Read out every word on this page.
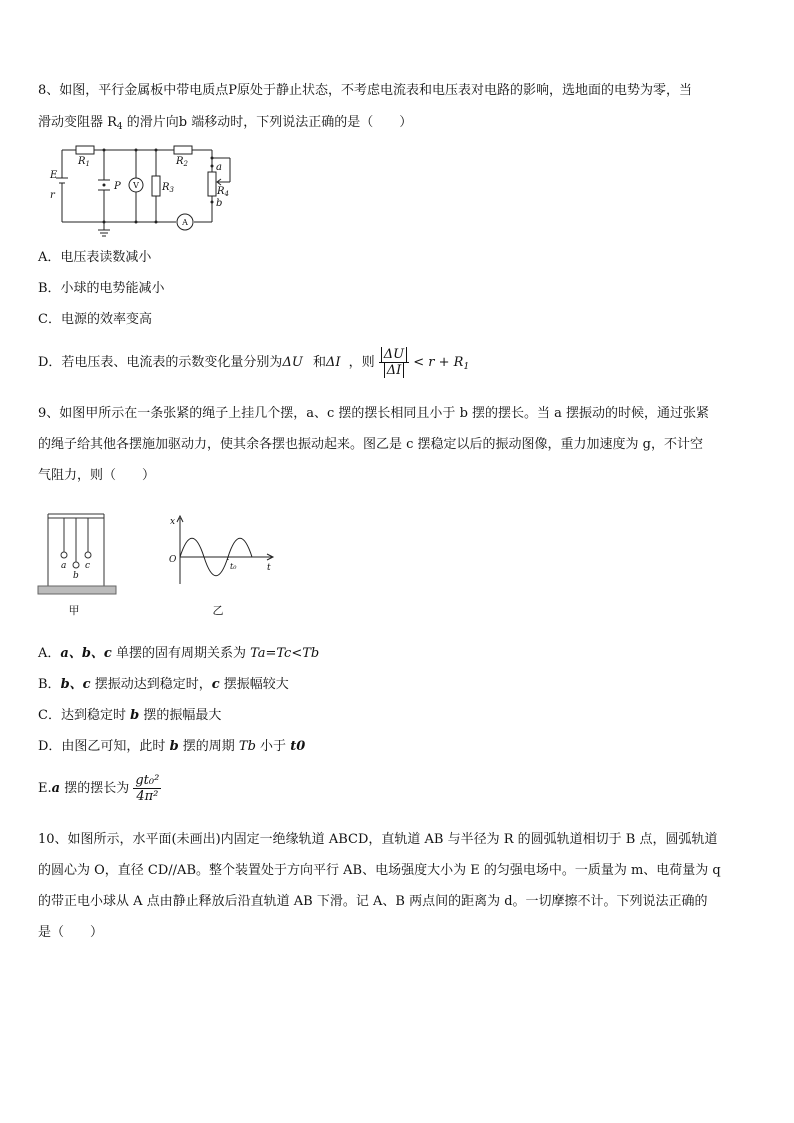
8、如图，平行金属板中带电质点P原处于静止状态，不考虑电流表和电压表对电路的影响，选地面的电势为零，当
滑动变阻器 $R_4$ 的滑片向b 端移动时，下列说法正确的是（　　）
$R_1$	$R_2$
$R_3$	$R_4$
E
r
P
a
b
V
A
A．电压表读数减小
B．小球的电势能减小
C．电源的效率变高
D．若电压表、电流表的示数变化量分别为ΔU 和ΔI ，则 $\frac{\Delta U}{\Delta I} < r + R_1$
9、如图甲所示在一条张紧的绳子上挂几个摆，a、c 摆的摆长相同且小于 b 摆的摆长。当 a 摆振动的时候，通过张紧
的绳子给其他各摆施加驱动力，使其余各摆也振动起来。图乙是 c 摆稳定以后的振动图像，重力加速度为 g，不计空
气阻力，则（　　）
a
b
c
甲
x
O
t
t₀
乙
A．a、b、c 单摆的固有周期关系为 Ta=Tc<Tb
B．b、c 摆振动达到稳定时，c 摆振幅较大
C．达到稳定时 b 摆的振幅最大
D．由图乙可知，此时 b 摆的周期 Tb 小于 t0
E.a 摆的摆长为 $\frac{\text{gt₀²}}{\text{4π²}}$
10、如图所示，水平面(未画出)内固定一绝缘轨道 ABCD，直轨道 AB 与半径为 R 的圆弧轨道相切于 B 点，圆弧轨道
的圆心为 O，直径 CD//AB。整个装置处于方向平行 AB、电场强度大小为 E 的匀强电场中。一质量为 m、电荷量为 q
的带正电小球从 A 点由静止释放后沿直轨道 AB 下滑。记 A、B 两点间的距离为 d。一切摩擦不计。下列说法正确的
是（　　）
